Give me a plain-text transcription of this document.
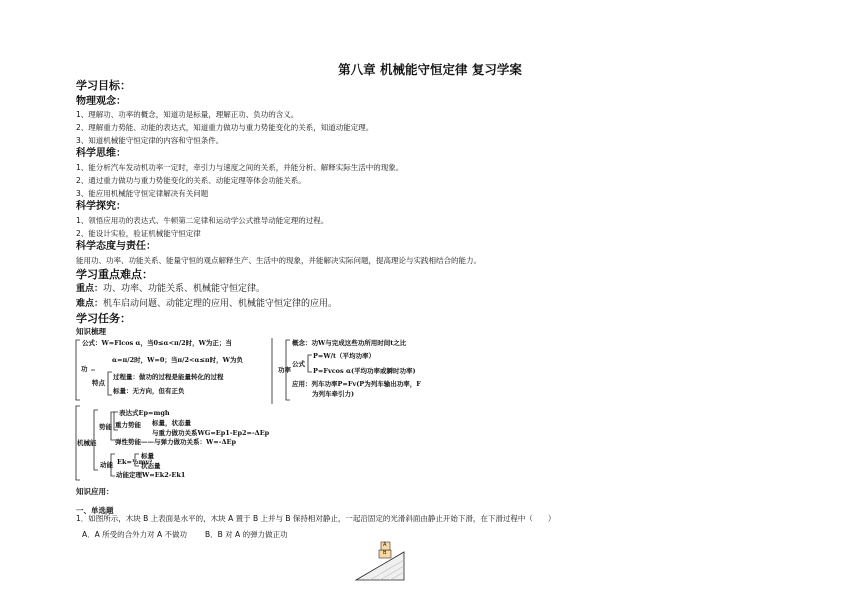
第八章 机械能守恒定律 复习学案
学习目标：
物理观念：
1、理解功、功率的概念，知道功是标量，理解正功、负功的含义。
2、理解重力势能、动能的表达式，知道重力做功与重力势能变化的关系，知道动能定理。
3、知道机械能守恒定律的内容和守恒条件。
科学思维：
1、能分析汽车发动机功率一定时，牵引力与速度之间的关系，并能分析、解释实际生活中的现象。
2、通过重力做功与重力势能变化的关系、动能定理等体会功能关系。
3、能应用机械能守恒定律解决有关问题
科学探究：
1、领悟应用功的表达式、牛顿第二定律和运动学公式推导动能定理的过程。
2、能设计实验，验证机械能守恒定律
科学态度与责任：
能用功、功率、功能关系、能量守恒的观点解释生产、生活中的现象，并能解决实际问题，提高理论与实践相结合的能力。
学习重点难点：
重点：功、功率、功能关系、机械能守恒定律。
难点：机车启动问题、动能定理的应用、机械能守恒定律的应用。
学习任务：
知识梳理
公式：W=Flcos α，当0≤α<π/2时，W为正；当
α=π/2时，W=0；当π/2<α≤π时，W为负
功
特点
过程量：做功的过程是能量转化的过程
标量：无方向，但有正负
功率
概念：功W与完成这些功所用时间t之比
公式
P=W/t（平均功率）
P=Fvcos α(平均功率或瞬时功率)
应用：列车功率P=Fv(P为列车输出功率，F
为列车牵引力)
机械能
势能 重力势能
表达式Ep=mgh
标量，状态量
与重力做功关系WG=Ep1-Ep2=-ΔEp
弹性势能——与弹力做功关系：W=-ΔEp
动能 Ek=½mv²
标量
状态量
动能定理W=Ek2-Ek1
知识应用：
一、单选题
1．如图所示，木块 B 上表面是水平的，木块 A 置于 B 上并与 B 保持相对静止，一起沿固定的光滑斜面由静止开始下滑，在下滑过程中（　　）
A．A 所受的合外力对 A 不做功 B．B 对 A 的弹力做正功
A
B
